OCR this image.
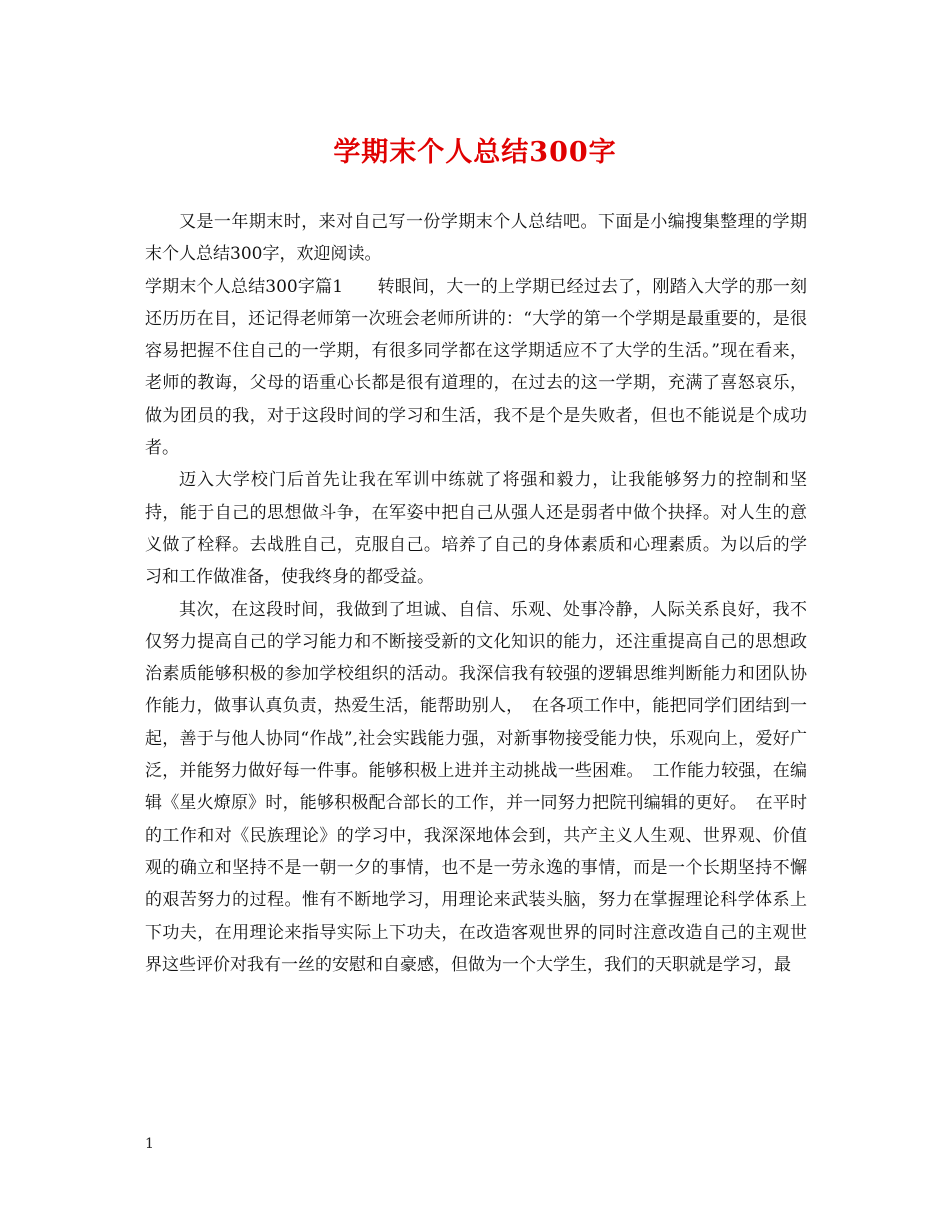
学期末个人总结300字

又是一年期末时，来对自己写一份学期末个人总结吧。下面是小编搜集整理的学期末个人总结300字，欢迎阅读。

学期末个人总结300字篇1　　转眼间，大一的上学期已经过去了，刚踏入大学的那一刻还历历在目，还记得老师第一次班会老师所讲的：“大学的第一个学期是最重要的，是很容易把握不住自己的一学期，有很多同学都在这学期适应不了大学的生活。”现在看来，老师的教诲，父母的语重心长都是很有道理的，在过去的这一学期，充满了喜怒哀乐，做为团员的我，对于这段时间的学习和生活，我不是个是失败者，但也不能说是个成功者。

迈入大学校门后首先让我在军训中练就了将强和毅力，让我能够努力的控制和坚持，能于自己的思想做斗争，在军姿中把自己从强人还是弱者中做个抉择。对人生的意义做了栓释。去战胜自己，克服自己。培养了自己的身体素质和心理素质。为以后的学习和工作做准备，使我终身的都受益。

其次，在这段时间，我做到了坦诚、自信、乐观、处事冷静，人际关系良好，我不仅努力提高自己的学习能力和不断接受新的文化知识的能力，还注重提高自己的思想政治素质能够积极的参加学校组织的活动。我深信我有较强的逻辑思维判断能力和团队协作能力，做事认真负责，热爱生活，能帮助别人，　在各项工作中，能把同学们团结到一起，善于与他人协同“作战”,社会实践能力强，对新事物接受能力快，乐观向上，爱好广泛，并能努力做好每一件事。能够积极上进并主动挑战一些困难。　工作能力较强，在编辑《星火燎原》时，能够积极配合部长的工作，并一同努力把院刊编辑的更好。　在平时的工作和对《民族理论》的学习中，我深深地体会到，共产主义人生观、世界观、价值观的确立和坚持不是一朝一夕的事情，也不是一劳永逸的事情，而是一个长期坚持不懈的艰苦努力的过程。惟有不断地学习，用理论来武装头脑，努力在掌握理论科学体系上下功夫，在用理论来指导实际上下功夫，在改造客观世界的同时注意改造自己的主观世界这些评价对我有一丝的安慰和自豪感，但做为一个大学生，我们的天职就是学习，最

1
